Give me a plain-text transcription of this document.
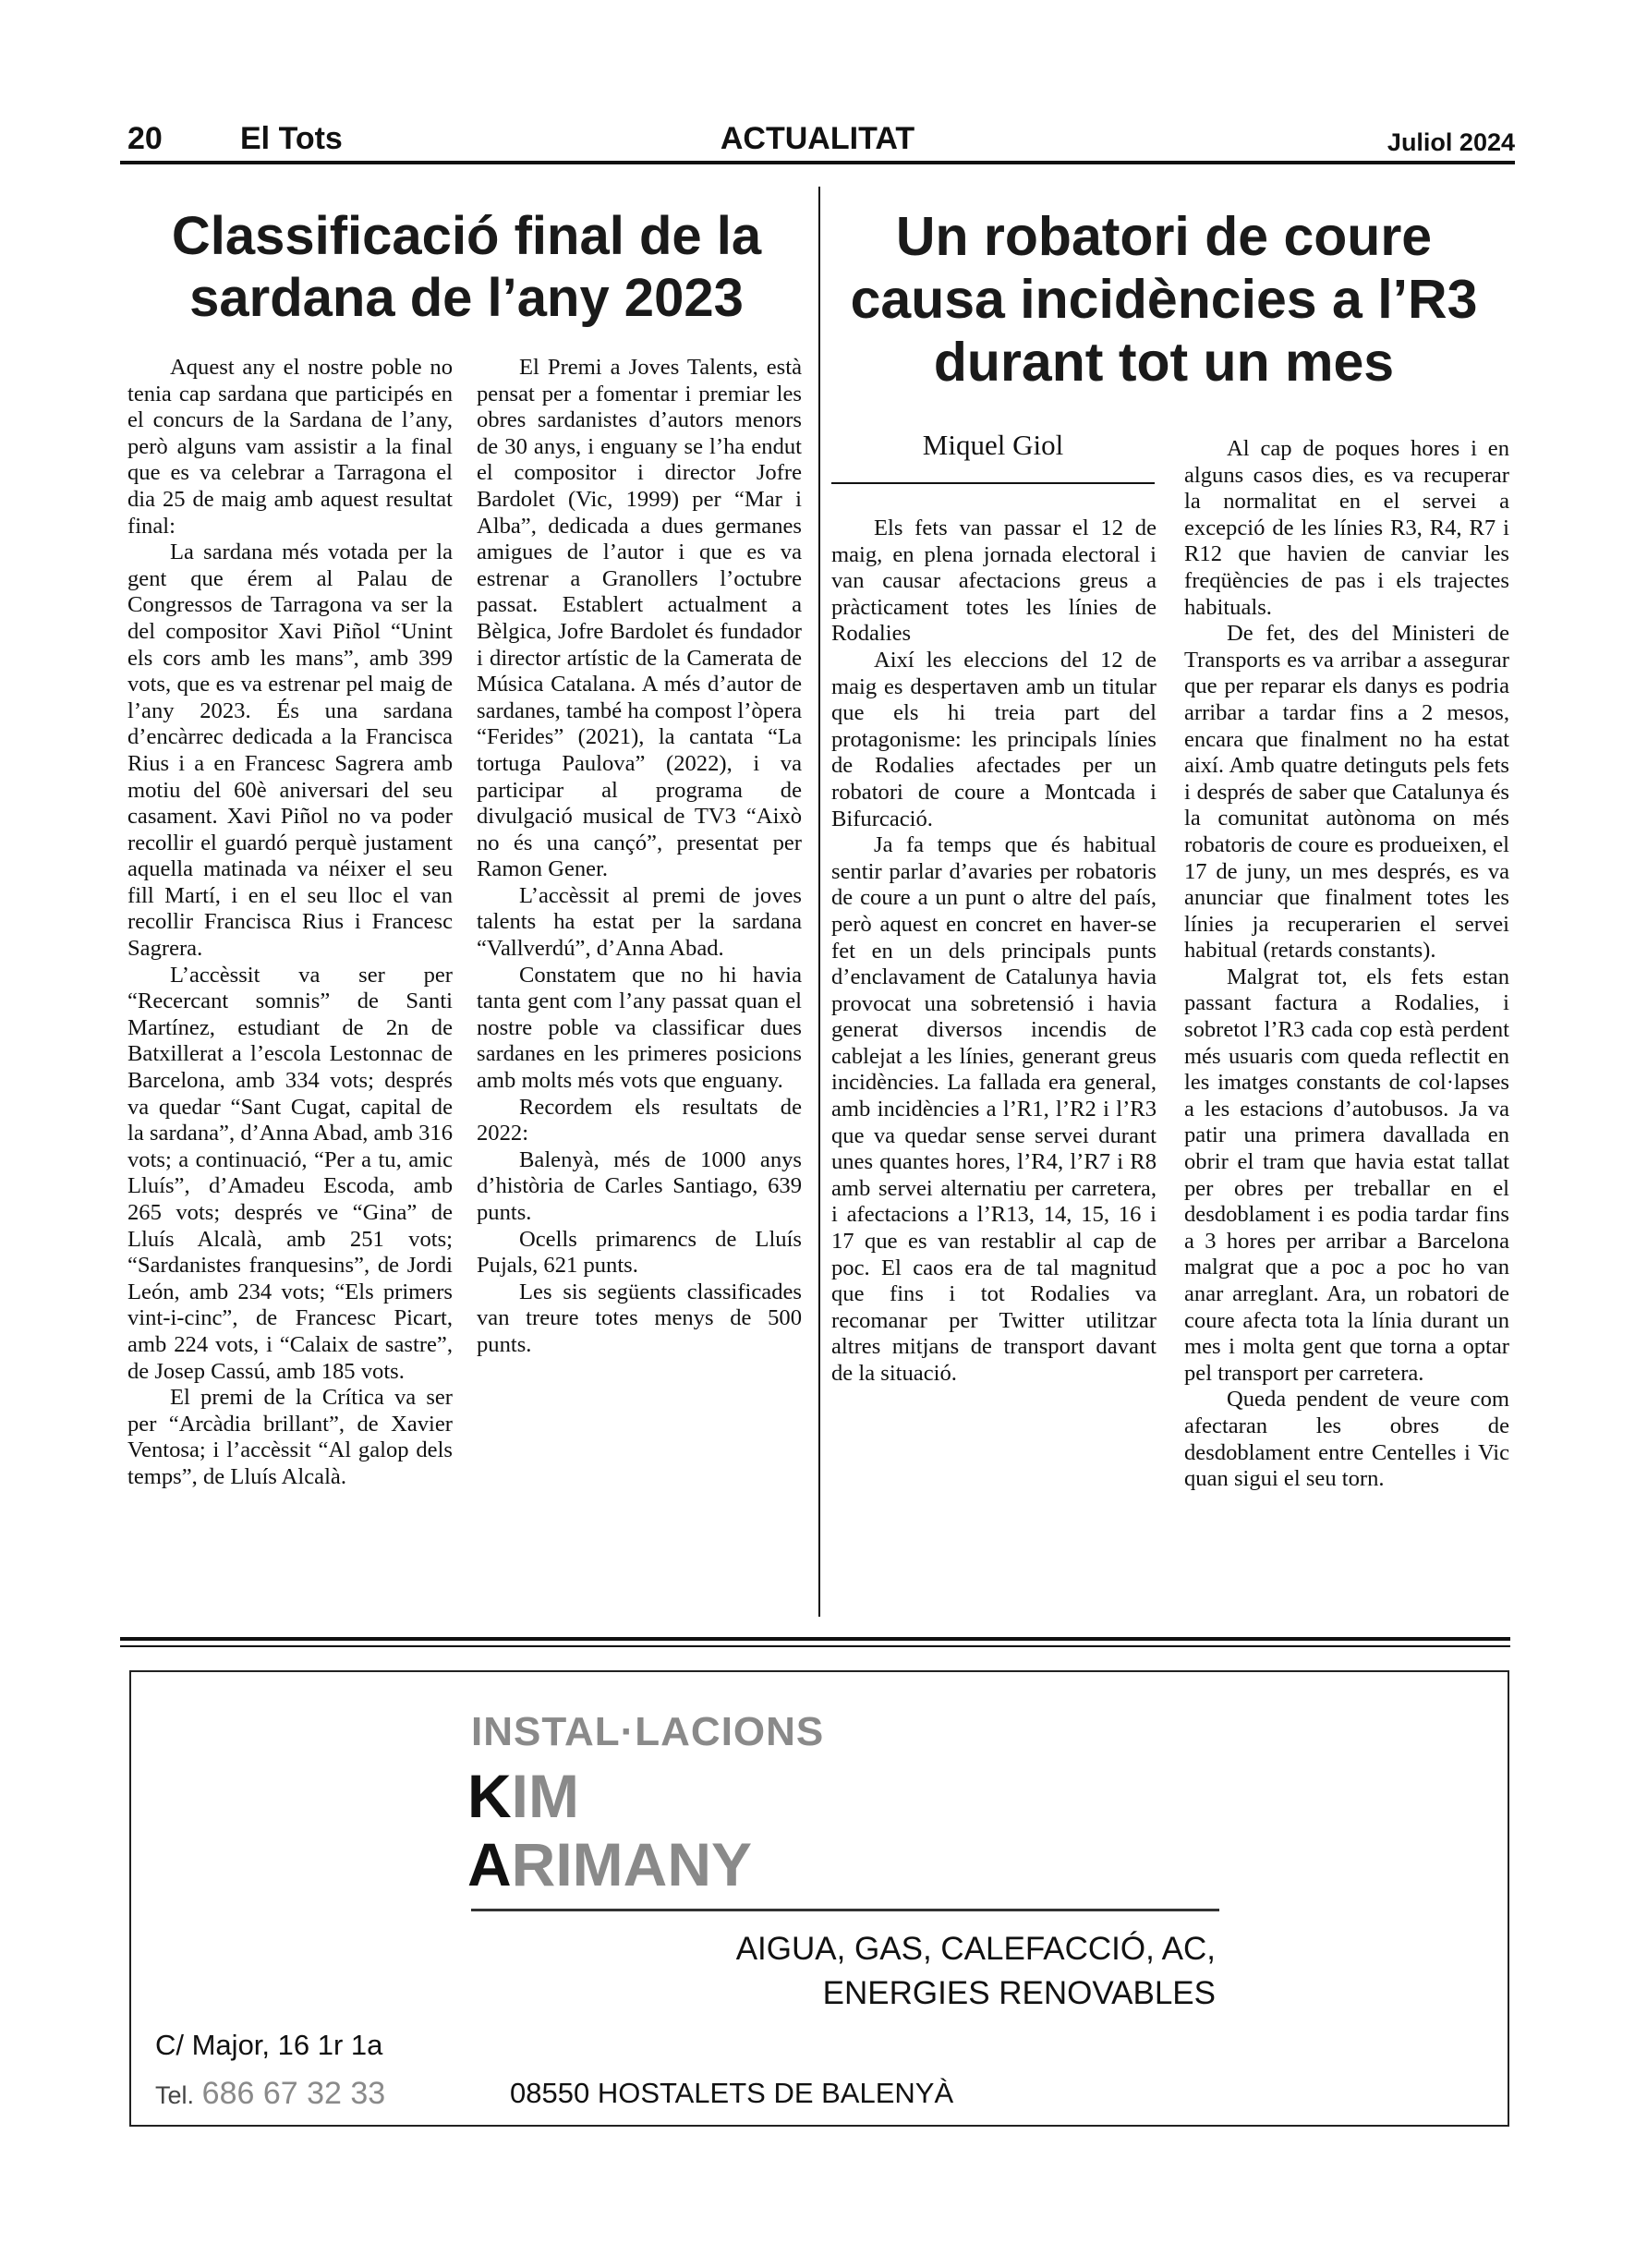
20 El Tots	ACTUALITAT	Juliol 2024
Classificació final de la
sardana de l’any 2023
Un robatori de coure
causa incidències a l’R3
durant tot un mes
Miquel Giol

Aquest any el nostre poble no tenia cap sardana que participés en el concurs de la Sardana de l’any, però alguns vam assistir a la final que es va celebrar a Tarragona el dia 25 de maig amb aquest resultat final:

La sardana més votada per la gent que érem al Palau de Congressos de Tarragona va ser la del compositor Xavi Piñol “Unint els cors amb les mans”, amb 399 vots, que es va estrenar pel maig de l’any 2023. És una sardana d’encàrrec dedicada a la Francisca Rius i a en Francesc Sagrera amb motiu del 60è aniversari del seu casament. Xavi Piñol no va poder recollir el guardó perquè justament aquella matinada va néixer el seu fill Martí, i en el seu lloc el van recollir Francisca Rius i Francesc Sagrera.

L’accèssit va ser per “Recercant somnis” de Santi Martínez, estudiant de 2n de Batxillerat a l’escola Lestonnac de Barcelona, amb 334 vots; després va quedar “Sant Cugat, capital de la sardana”, d’Anna Abad, amb 316 vots; a continuació, “Per a tu, amic Lluís”, d’Amadeu Escoda, amb 265 vots; després ve “Gina” de Lluís Alcalà, amb 251 vots; “Sardanistes franquesins”, de Jordi León, amb 234 vots; “Els primers vint-i-cinc”, de Francesc Picart, amb 224 vots, i “Calaix de sastre”, de Josep Cassú, amb 185 vots.

El premi de la Crítica va ser per “Arcàdia brillant”, de Xavier Ventosa; i l’accèssit “Al galop dels temps”, de Lluís Alcalà.

El Premi a Joves Talents, està pensat per a fomentar i premiar les obres sardanistes d’autors menors de 30 anys, i enguany se l’ha endut el compositor i director Jofre Bardolet (Vic, 1999) per “Mar i Alba”, dedicada a dues germanes amigues de l’autor i que es va estrenar a Granollers l’octubre passat. Establert actualment a Bèlgica, Jofre Bardolet és fundador i director artístic de la Camerata de Música Catalana. A més d’autor de sardanes, també ha compost l’òpera “Ferides” (2021), la cantata “La tortuga Paulova” (2022), i va participar al programa de divulgació musical de TV3 “Això no és una cançó”, presentat per Ramon Gener.

L’accèssit al premi de joves talents ha estat per la sardana “Vallverdú”, d’Anna Abad.

Constatem que no hi havia tanta gent com l’any passat quan el nostre poble va classificar dues sardanes en les primeres posicions amb molts més vots que enguany.

Recordem els resultats de 2022:

Balenyà, més de 1000 anys d’història de Carles Santiago, 639 punts.

Ocells primarencs de Lluís Pujals, 621 punts.

Les sis següents classificades van treure totes menys de 500 punts.

Els fets van passar el 12 de maig, en plena jornada electoral i van causar afectacions greus a pràcticament totes les línies de Rodalies

Així les eleccions del 12 de maig es despertaven amb un titular que els hi treia part del protagonisme: les principals línies de Rodalies afectades per un robatori de coure a Montcada i Bifurcació.

Ja fa temps que és habitual sentir parlar d’avaries per robatoris de coure a un punt o altre del país, però aquest en concret en haver-se fet en un dels principals punts d’enclavament de Catalunya havia provocat una sobretensió i havia generat diversos incendis de cablejat a les línies, generant greus incidències. La fallada era general, amb incidències a l’R1, l’R2 i l’R3 que va quedar sense servei durant unes quantes hores, l’R4, l’R7 i R8 amb servei alternatiu per carretera, i afectacions a l’R13, 14, 15, 16 i 17 que es van restablir al cap de poc. El caos era de tal magnitud que fins i tot Rodalies va recomanar per Twitter utilitzar altres mitjans de transport davant de la situació.

Al cap de poques hores i en alguns casos dies, es va recuperar la normalitat en el servei a excepció de les línies R3, R4, R7 i R12 que havien de canviar les freqüències de pas i els trajectes habituals.

De fet, des del Ministeri de Transports es va arribar a assegurar que per reparar els danys es podria arribar a tardar fins a 2 mesos, encara que finalment no ha estat així. Amb quatre detinguts pels fets i després de saber que Catalunya és la comunitat autònoma on més robatoris de coure es produeixen, el 17 de juny, un mes després, es va anunciar que finalment totes les línies ja recuperarien el servei habitual (retards constants).

Malgrat tot, els fets estan passant factura a Rodalies, i sobretot l’R3 cada cop està perdent més usuaris com queda reflectit en les imatges constants de col·lapses a les estacions d’autobusos. Ja va patir una primera davallada en obrir el tram que havia estat tallat per obres per treballar en el desdoblament i es podia tardar fins a 3 hores per arribar a Barcelona malgrat que a poc a poc ho van anar arreglant. Ara, un robatori de coure afecta tota la línia durant un mes i molta gent que torna a optar pel transport per carretera.

Queda pendent de veure com afectaran les obres de desdoblament entre Centelles i Vic quan sigui el seu torn.

INSTAL·LACIONS
KIM
ARIMANY
AIGUA, GAS, CALEFACCIÓ, AC,
ENERGIES RENOVABLES
C/ Major, 16 1r 1a
Tel. 686 67 32 33	08550 HOSTALETS DE BALENYÀ
